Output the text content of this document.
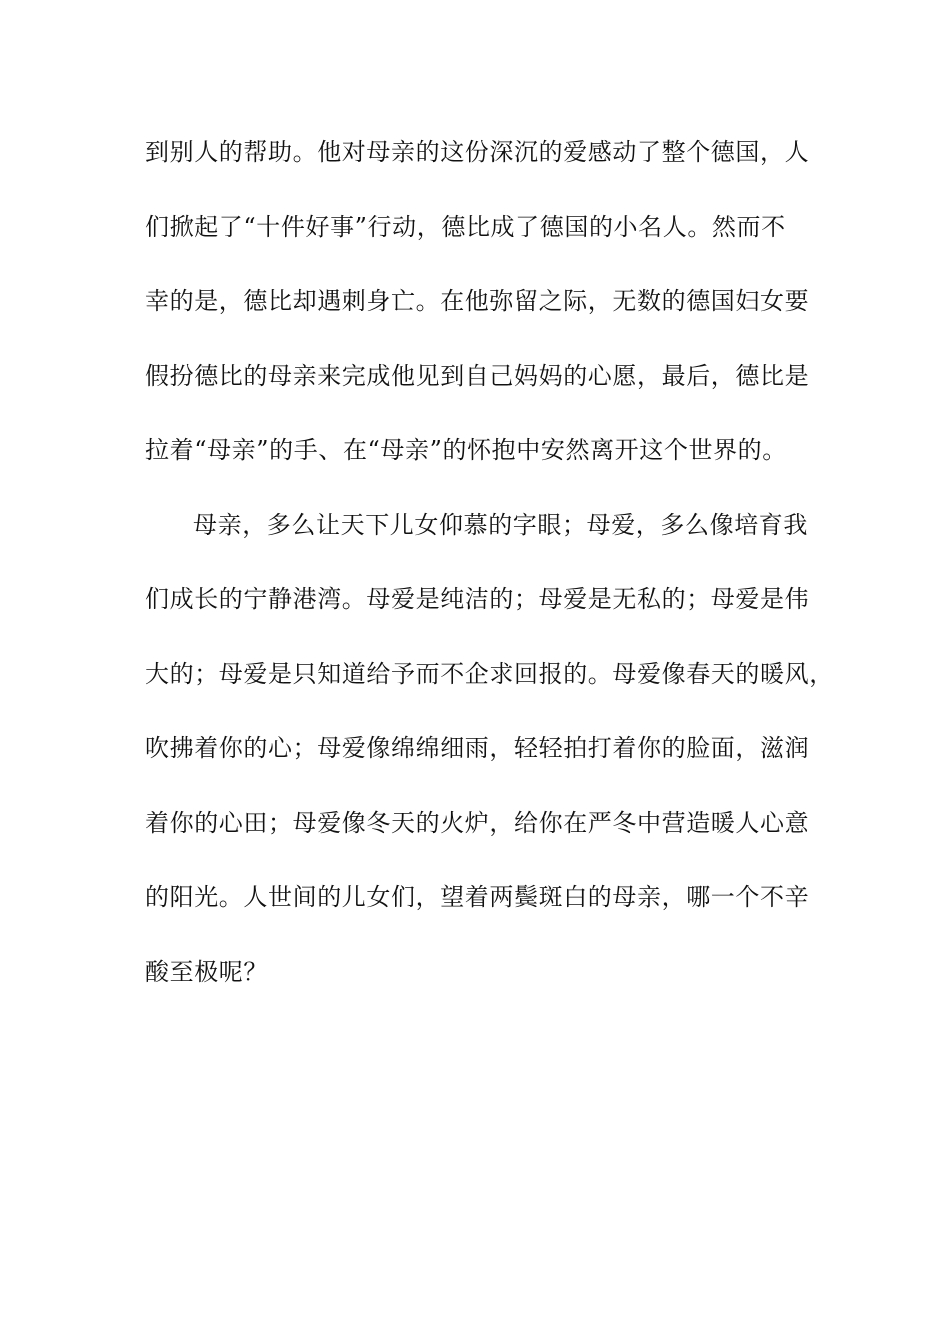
到别人的帮助。他对母亲的这份深沉的爱感动了整个德国，人
们掀起了“十件好事”行动，德比成了德国的小名人。然而不
幸的是，德比却遇刺身亡。在他弥留之际，无数的德国妇女要
假扮德比的母亲来完成他见到自己妈妈的心愿，最后，德比是
拉着“母亲”的手、在“母亲”的怀抱中安然离开这个世界的。
母亲，多么让天下儿女仰慕的字眼；母爱，多么像培育我
们成长的宁静港湾。母爱是纯洁的；母爱是无私的；母爱是伟
大的；母爱是只知道给予而不企求回报的。母爱像春天的暖风，
吹拂着你的心；母爱像绵绵细雨，轻轻拍打着你的脸面，滋润
着你的心田；母爱像冬天的火炉，给你在严冬中营造暖人心意
的阳光。人世间的儿女们，望着两鬓斑白的母亲，哪一个不辛
酸至极呢？
